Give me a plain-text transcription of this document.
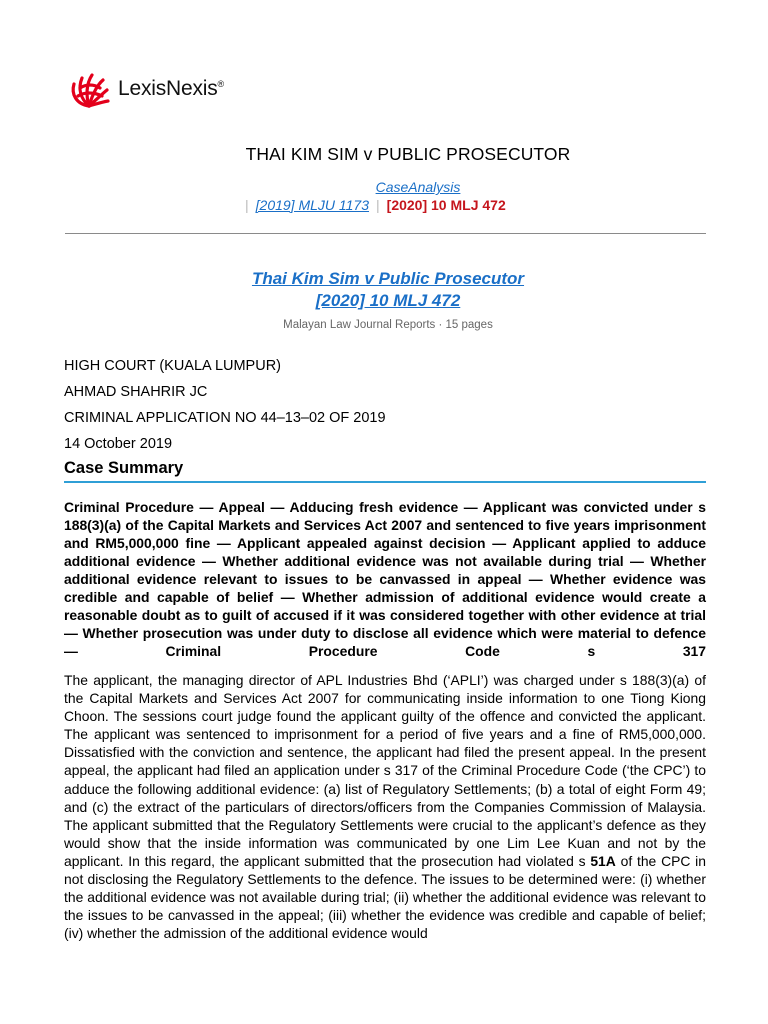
LexisNexis®
THAI KIM SIM v PUBLIC PROSECUTOR
CaseAnalysis
| [2019] MLJU 1173 | [2020] 10 MLJ 472
Thai Kim Sim v Public Prosecutor
[2020] 10 MLJ 472
Malayan Law Journal Reports · 15 pages
HIGH COURT (KUALA LUMPUR)
AHMAD SHAHRIR JC
CRIMINAL APPLICATION NO 44–13–02 OF 2019
14 October 2019
Case Summary
Criminal Procedure — Appeal — Adducing fresh evidence — Applicant was convicted under s 188(3)(a) of the Capital Markets and Services Act 2007 and sentenced to five years imprisonment and RM5,000,000 fine — Applicant appealed against decision — Applicant applied to adduce additional evidence — Whether additional evidence was not available during trial — Whether additional evidence relevant to issues to be canvassed in appeal — Whether evidence was credible and capable of belief — Whether admission of additional evidence would create a reasonable doubt as to guilt of accused if it was considered together with other evidence at trial — Whether prosecution was under duty to disclose all evidence which were material to defence — Criminal Procedure Code s 317
The applicant, the managing director of APL Industries Bhd (‘APLI’) was charged under s 188(3)(a) of the Capital Markets and Services Act 2007 for communicating inside information to one Tiong Kiong Choon. The sessions court judge found the applicant guilty of the offence and convicted the applicant. The applicant was sentenced to imprisonment for a period of five years and a fine of RM5,000,000. Dissatisfied with the conviction and sentence, the applicant had filed the present appeal. In the present appeal, the applicant had filed an application under s 317 of the Criminal Procedure Code (‘the CPC’) to adduce the following additional evidence: (a) list of Regulatory Settlements; (b) a total of eight Form 49; and (c) the extract of the particulars of directors/officers from the Companies Commission of Malaysia. The applicant submitted that the Regulatory Settlements were crucial to the applicant’s defence as they would show that the inside information was communicated by one Lim Lee Kuan and not by the applicant. In this regard, the applicant submitted that the prosecution had violated s 51A of the CPC in not disclosing the Regulatory Settlements to the defence. The issues to be determined were: (i) whether the additional evidence was not available during trial; (ii) whether the additional evidence was relevant to the issues to be canvassed in the appeal; (iii) whether the evidence was credible and capable of belief; (iv) whether the admission of the additional evidence would
